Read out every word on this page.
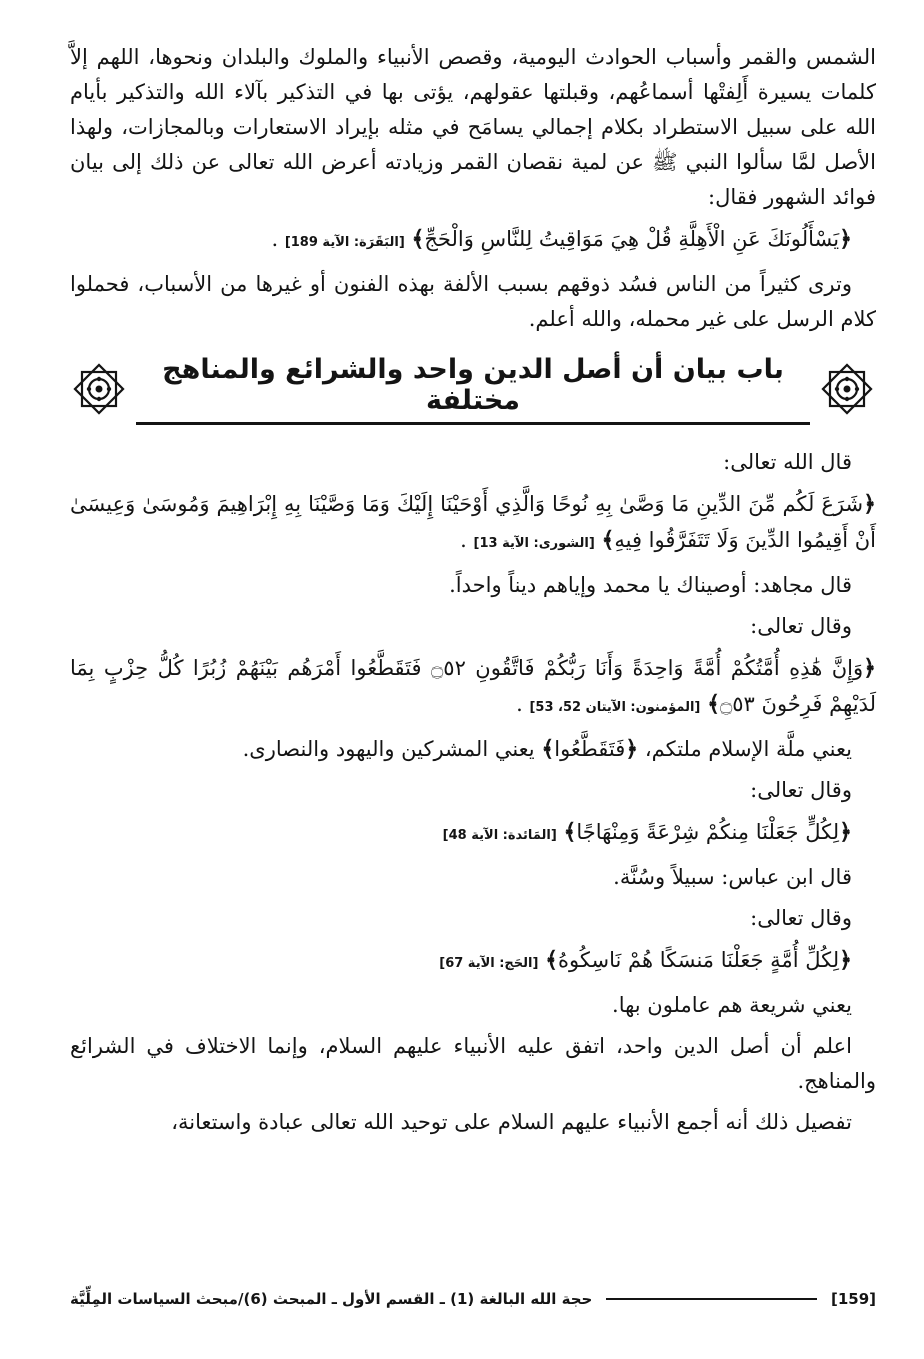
الشمس والقمر وأسباب الحوادث اليومية، وقصص الأنبياء والملوك والبلدان ونحوها، اللهم إلاَّ كلمات يسيرة أَلِفتْها أسماعُهم، وقبلتها عقولهم، يؤتى بها في التذكير بآلاء الله والتذكير بأيام الله على سبيل الاستطراد بكلام إجمالي يسامَح في مثله بإيراد الاستعارات وبالمجازات، ولهذا الأصل لمَّا سألوا النبي ﷺ عن لمية نقصان القمر وزيادته أعرض الله تعالى عن ذلك إلى بيان فوائد الشهور فقال:

﴿يَسْأَلُونَكَ عَنِ الْأَهِلَّةِ قُلْ هِيَ مَوَاقِيتُ لِلنَّاسِ وَالْحَجِّ﴾ [البَقَرَة: الآية 189] .

وترى كثيراً من الناس فسُد ذوقهم بسبب الألفة بهذه الفنون أو غيرها من الأسباب، فحملوا كلام الرسل على غير محمله، والله أعلم.

باب بيان أن أصل الدين واحد والشرائع والمناهج مختلفة

قال الله تعالى:

﴿شَرَعَ لَكُم مِّنَ الدِّينِ مَا وَصَّىٰ بِهِ نُوحًا وَالَّذِي أَوْحَيْنَا إِلَيْكَ وَمَا وَصَّيْنَا بِهِ إِبْرَاهِيمَ وَمُوسَىٰ وَعِيسَىٰ أَنْ أَقِيمُوا الدِّينَ وَلَا تَتَفَرَّقُوا فِيهِ﴾ [الشورى: الآية 13] .

قال مجاهد: أوصيناك يا محمد وإياهم ديناً واحداً.

وقال تعالى:

﴿وَإِنَّ هَٰذِهِ أُمَّتُكُمْ أُمَّةً وَاحِدَةً وَأَنَا رَبُّكُمْ فَاتَّقُونِ ۝٥٢ فَتَقَطَّعُوا أَمْرَهُم بَيْنَهُمْ زُبُرًا كُلُّ حِزْبٍ بِمَا لَدَيْهِمْ فَرِحُونَ ۝٥٣﴾ [المؤمنون: الآيتان 52، 53] .

يعني ملَّة الإسلام ملتكم، ﴿فَتَقَطَّعُوا﴾ يعني المشركين واليهود والنصارى.

وقال تعالى:

﴿لِكُلٍّ جَعَلْنَا مِنكُمْ شِرْعَةً وَمِنْهَاجًا﴾ [المَائدة: الآية 48]

قال ابن عباس: سبيلاً وسُنَّة.

وقال تعالى:

﴿لِكُلِّ أُمَّةٍ جَعَلْنَا مَنسَكًا هُمْ نَاسِكُوهُ﴾ [الحَج: الآية 67]

يعني شريعة هم عاملون بها.

اعلم أن أصل الدين واحد، اتفق عليه الأنبياء عليهم السلام، وإنما الاختلاف في الشرائع والمناهج.

تفصيل ذلك أنه أجمع الأنبياء عليهم السلام على توحيد الله تعالى عبادة واستعانة،

[159]
حجة الله البالغة (1) ـ القسم الأول ـ المبحث (6)/مبحث السياسات المِلِّيَّة
